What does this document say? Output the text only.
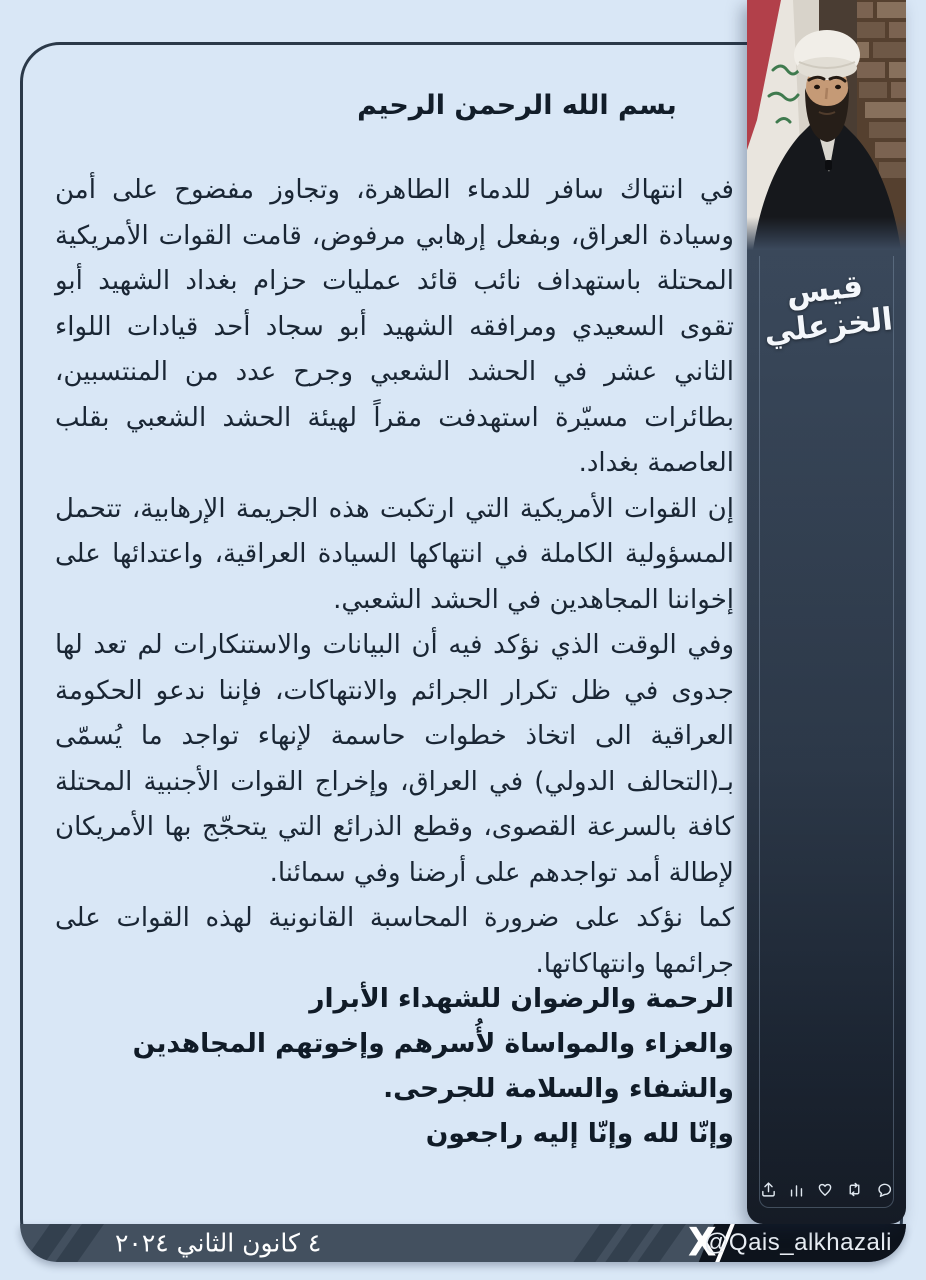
بسم الله الرحمن الرحيم

في انتهاك سافر للدماء الطاهرة، وتجاوز مفضوح على أمن وسيادة العراق، وبفعل إرهابي مرفوض، قامت القوات الأمريكية المحتلة باستهداف نائب قائد عمليات حزام بغداد الشهيد أبو تقوى السعيدي ومرافقه الشهيد أبو سجاد أحد قيادات اللواء الثاني عشر في الحشد الشعبي وجرح عدد من المنتسبين، بطائرات مسيّرة استهدفت مقراً لهيئة الحشد الشعبي بقلب العاصمة بغداد.

إن القوات الأمريكية التي ارتكبت هذه الجريمة الإرهابية، تتحمل المسؤولية الكاملة في انتهاكها السيادة العراقية، واعتدائها على إخواننا المجاهدين في الحشد الشعبي.

وفي الوقت الذي نؤكد فيه أن البيانات والاستنكارات لم تعد لها جدوى في ظل تكرار الجرائم والانتهاكات، فإننا ندعو الحكومة العراقية الى اتخاذ خطوات حاسمة لإنهاء تواجد ما يُسمّى بـ(التحالف الدولي) في العراق، وإخراج القوات الأجنبية المحتلة كافة بالسرعة القصوى، وقطع الذرائع التي يتحجّج بها الأمريكان لإطالة أمد تواجدهم على أرضنا وفي سمائنا.

كما نؤكد على ضرورة المحاسبة القانونية لهذه القوات على جرائمها وانتهاكاتها.

الرحمة والرضوان للشهداء الأبرار
والعزاء والمواساة لأُسرهم وإخوتهم المجاهدين
والشفاء والسلامة للجرحى.
وإنّا لله وإنّا إليه راجعون
قيس الخزعلي
٤ كانون الثاني ٢٠٢٤	X
@Qais_alkhazali
